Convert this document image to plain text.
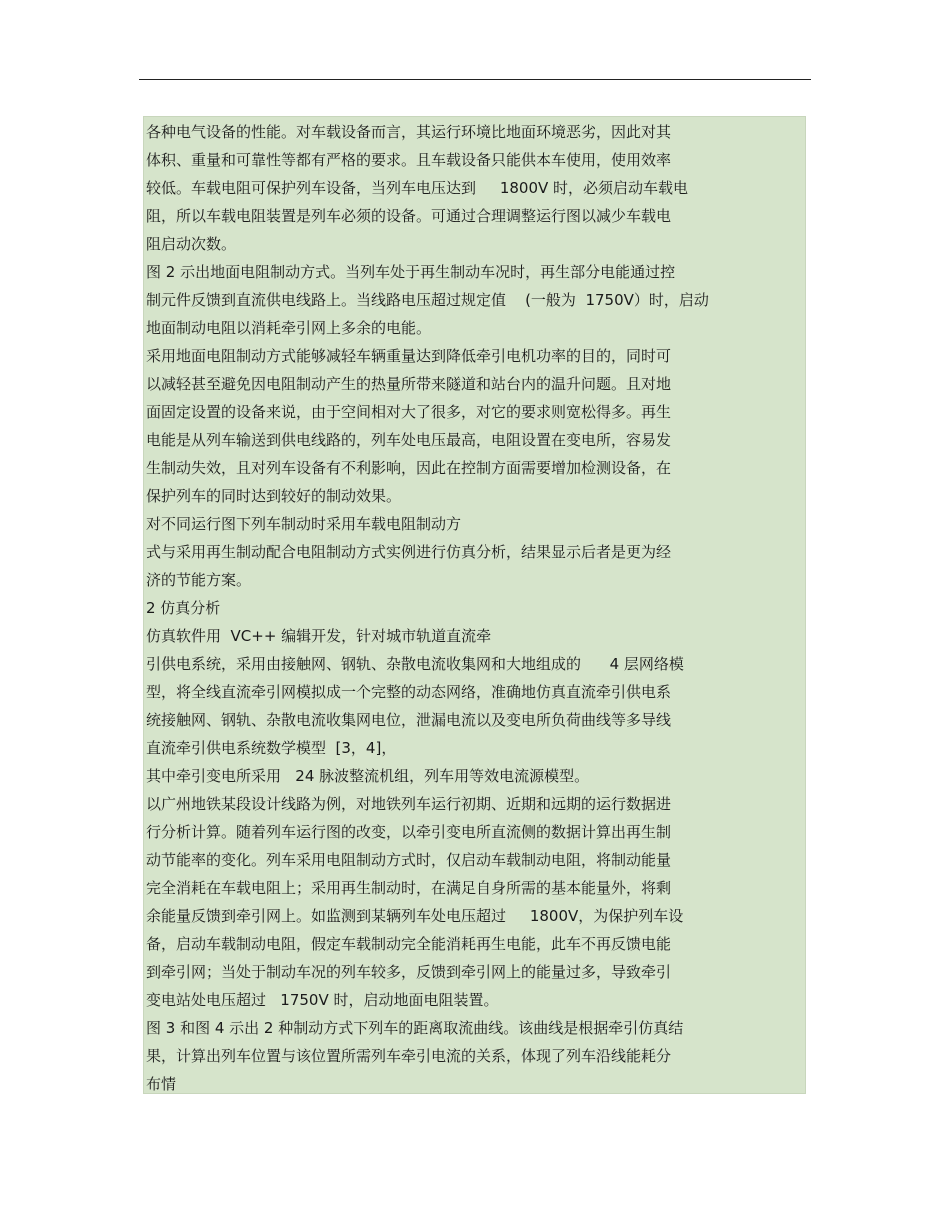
各种电气设备的性能。对车载设备而言，其运行环境比地面环境恶劣，因此对其
体积、重量和可靠性等都有严格的要求。且车载设备只能供本车使用，使用效率
较低。车载电阻可保护列车设备，当列车电压达到     1800V 时，必须启动车载电
阻，所以车载电阻装置是列车必须的设备。可通过合理调整运行图以减少车载电
阻启动次数。
图 2 示出地面电阻制动方式。当列车处于再生制动车况时，再生部分电能通过控
制元件反馈到直流供电线路上。当线路电压超过规定值    (一般为  1750V）时，启动
地面制动电阻以消耗牵引网上多余的电能。
采用地面电阻制动方式能够减轻车辆重量达到降低牵引电机功率的目的，同时可
以减轻甚至避免因电阻制动产生的热量所带来隧道和站台内的温升问题。且对地
面固定设置的设备来说，由于空间相对大了很多，对它的要求则宽松得多。再生
电能是从列车输送到供电线路的，列车处电压最高，电阻设置在变电所，容易发
生制动失效，且对列车设备有不利影响，因此在控制方面需要增加检测设备，在
保护列车的同时达到较好的制动效果。
对不同运行图下列车制动时采用车载电阻制动方
式与采用再生制动配合电阻制动方式实例进行仿真分析，结果显示后者是更为经
济的节能方案。
2 仿真分析
仿真软件用  VC++ 编辑开发，针对城市轨道直流牵
引供电系统，采用由接触网、钢轨、杂散电流收集网和大地组成的      4 层网络模
型，将全线直流牵引网模拟成一个完整的动态网络，准确地仿真直流牵引供电系
统接触网、钢轨、杂散电流收集网电位，泄漏电流以及变电所负荷曲线等多导线
直流牵引供电系统数学模型  [3，4]，
其中牵引变电所采用   24 脉波整流机组，列车用等效电流源模型。
以广州地铁某段设计线路为例，对地铁列车运行初期、近期和远期的运行数据进
行分析计算。随着列车运行图的改变，以牵引变电所直流侧的数据计算出再生制
动节能率的变化。列车采用电阻制动方式时，仅启动车载制动电阻，将制动能量
完全消耗在车载电阻上；采用再生制动时，在满足自身所需的基本能量外，将剩
余能量反馈到牵引网上。如监测到某辆列车处电压超过     1800V，为保护列车设
备，启动车载制动电阻，假定车载制动完全能消耗再生电能，此车不再反馈电能
到牵引网；当处于制动车况的列车较多，反馈到牵引网上的能量过多，导致牵引
变电站处电压超过   1750V 时，启动地面电阻装置。
图 3 和图 4 示出 2 种制动方式下列车的距离取流曲线。该曲线是根据牵引仿真结
果，计算出列车位置与该位置所需列车牵引电流的关系，体现了列车沿线能耗分
布情
